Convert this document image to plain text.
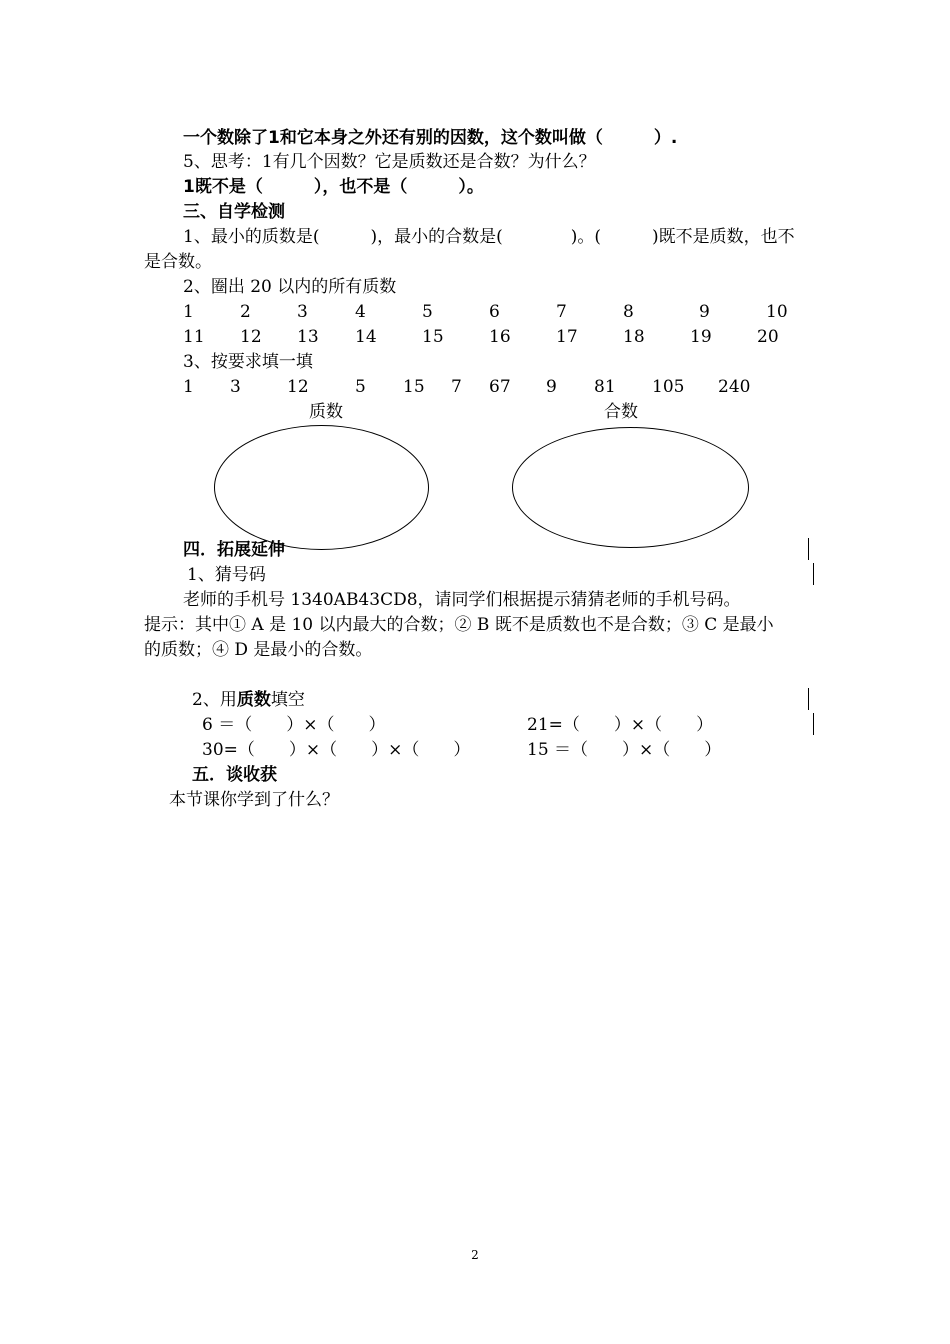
一个数除了1和它本身之外还有别的因数，这个数叫做（　　　）.
5、思考：1有几个因数？它是质数还是合数？为什么？
1既不是（　　　），也不是（　　　）。
三、自学检测
1、最小的质数是(　　　)，最小的合数是(　　　　)。(　　　)既不是质数，也不
是合数。
2、圈出 20 以内的所有质数
1	2	3	4	5	6	7	8	9	10
11 12 13 14	15	16	17	18	19	20
3、按要求填一填
1 3	12	5 15 7 67 9 81 105 240
质数	合数
四．拓展延伸
1、猜号码
老师的手机号 1340AB43CD8，请同学们根据提示猜猜老师的手机号码。
提示：其中① A 是 10 以内最大的合数；② B 既不是质数也不是合数；③ C 是最小
的质数；④ D 是最小的合数。
2、用质数填空
6 ＝（　　）×（　　）	21=（　　）×（　　）
30=（　　）×（　　）×（　　）	15 ＝（　　）×（　　）
五．谈收获
本节课你学到了什么？
2
